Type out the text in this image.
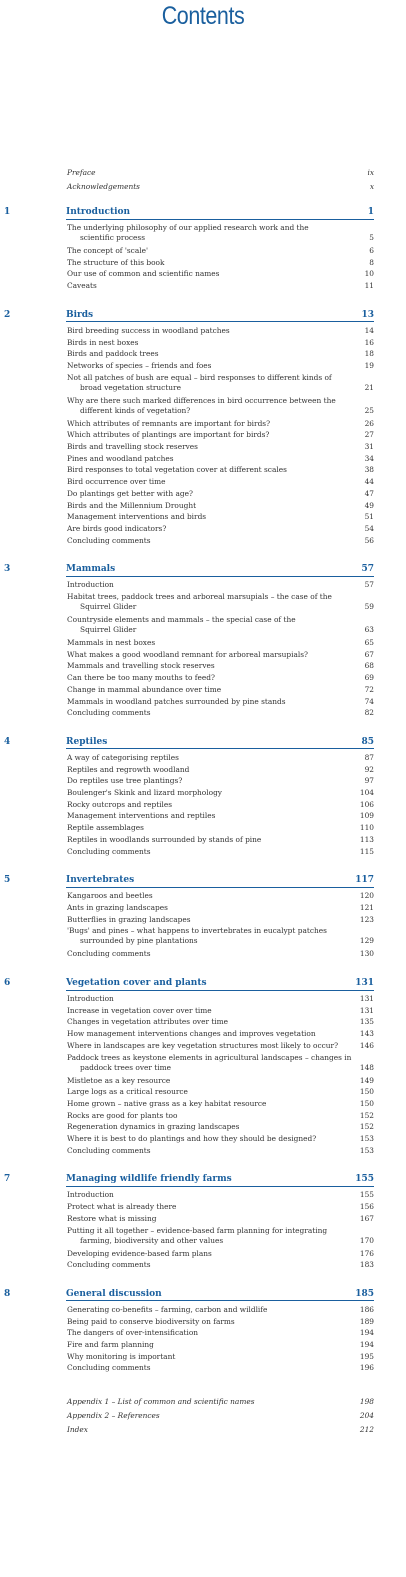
Contents
Preface	ix
Acknowledgements	x
1	Introduction	1
The underlying philosophy of our applied research work and the
scientific process	5
The concept of 'scale'	6
The structure of this book	8
Our use of common and scientific names	10
Caveats	11
2	Birds	13
Bird breeding success in woodland patches	14
Birds in nest boxes	16
Birds and paddock trees	18
Networks of species – friends and foes	19
Not all patches of bush are equal – bird responses to different kinds of
broad vegetation structure	21
Why are there such marked differences in bird occurrence between the
different kinds of vegetation?	25
Which attributes of remnants are important for birds?	26
Which attributes of plantings are important for birds?	27
Birds and travelling stock reserves	31
Pines and woodland patches	34
Bird responses to total vegetation cover at different scales	38
Bird occurrence over time	44
Do plantings get better with age?	47
Birds and the Millennium Drought	49
Management interventions and birds	51
Are birds good indicators?	54
Concluding comments	56
3	Mammals	57
Introduction	57
Habitat trees, paddock trees and arboreal marsupials – the case of the
Squirrel Glider	59
Countryside elements and mammals – the special case of the
Squirrel Glider	63
Mammals in nest boxes	65
What makes a good woodland remnant for arboreal marsupials?	67
Mammals and travelling stock reserves	68
Can there be too many mouths to feed?	69
Change in mammal abundance over time	72
Mammals in woodland patches surrounded by pine stands	74
Concluding comments	82
4	Reptiles	85
A way of categorising reptiles	87
Reptiles and regrowth woodland	92
Do reptiles use tree plantings?	97
Boulenger's Skink and lizard morphology	104
Rocky outcrops and reptiles	106
Management interventions and reptiles	109
Reptile assemblages	110
Reptiles in woodlands surrounded by stands of pine	113
Concluding comments	115
5	Invertebrates	117
Kangaroos and beetles	120
Ants in grazing landscapes	121
Butterflies in grazing landscapes	123
'Bugs' and pines – what happens to invertebrates in eucalypt patches
surrounded by pine plantations	129
Concluding comments	130
6	Vegetation cover and plants	131
Introduction	131
Increase in vegetation cover over time	131
Changes in vegetation attributes over time	135
How management interventions changes and improves vegetation	143
Where in landscapes are key vegetation structures most likely to occur?	146
Paddock trees as keystone elements in agricultural landscapes – changes in
paddock trees over time	148
Mistletoe as a key resource	149
Large logs as a critical resource	150
Home grown – native grass as a key habitat resource	150
Rocks are good for plants too	152
Regeneration dynamics in grazing landscapes	152
Where it is best to do plantings and how they should be designed?	153
Concluding comments	153
7	Managing wildlife friendly farms	155
Introduction	155
Protect what is already there	156
Restore what is missing	167
Putting it all together – evidence-based farm planning for integrating
farming, biodiversity and other values	170
Developing evidence-based farm plans	176
Concluding comments	183
8	General discussion	185
Generating co-benefits – farming, carbon and wildlife	186
Being paid to conserve biodiversity on farms	189
The dangers of over-intensification	194
Fire and farm planning	194
Why monitoring is important	195
Concluding comments	196
Appendix 1 – List of common and scientific names	198
Appendix 2 – References	204
Index	212
